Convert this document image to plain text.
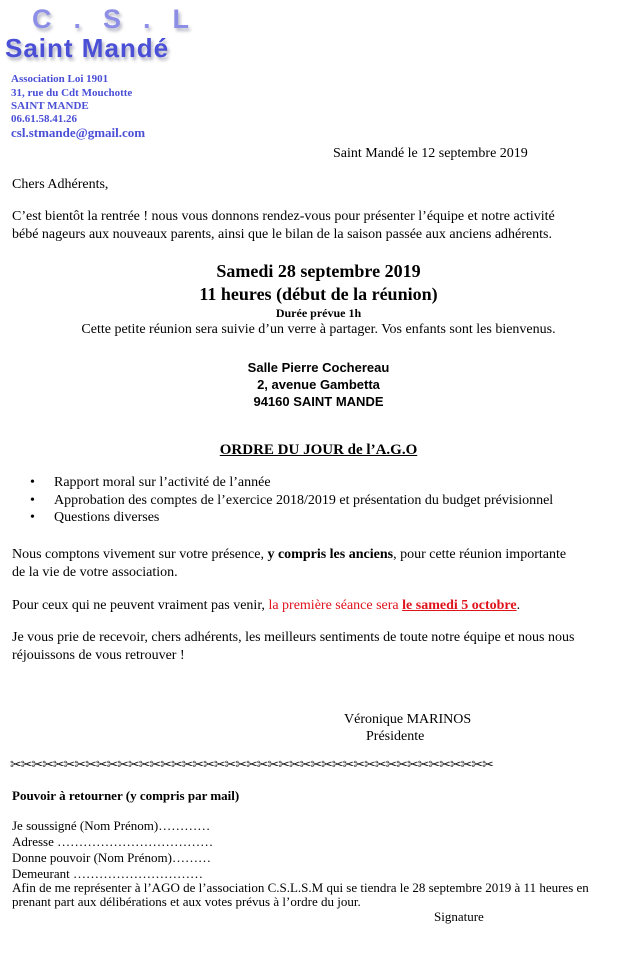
C.S.L
Saint Mandé
Association Loi 1901
31, rue du Cdt Mouchotte
SAINT MANDE
06.61.58.41.26
csl.stmande@gmail.com
Saint Mandé le 12 septembre 2019
Chers Adhérents,
C’est bientôt la rentrée ! nous vous donnons rendez-vous pour présenter l’équipe et notre activité
bébé nageurs aux nouveaux parents, ainsi que le bilan de la saison passée aux anciens adhérents.
Samedi 28 septembre 2019
11 heures (début de la réunion)
Durée prévue 1h
Cette petite réunion sera suivie d’un verre à partager. Vos enfants sont les bienvenus.
Salle Pierre Cochereau
2, avenue Gambetta
94160 SAINT MANDE
ORDRE DU JOUR de l’A.G.O
• Rapport moral sur l’activité de l’année
• Approbation des comptes de l’exercice 2018/2019 et présentation du budget prévisionnel
• Questions diverses
Nous comptons vivement sur votre présence, y compris les anciens, pour cette réunion importante
de la vie de votre association.
Pour ceux qui ne peuvent vraiment pas venir, la première séance sera le samedi 5 octobre.
Je vous prie de recevoir, chers adhérents, les meilleurs sentiments de toute notre équipe et nous nous
réjouissons de vous retrouver !
Véronique MARINOS
Présidente
✂✂✂✂✂✂✂✂✂✂✂✂✂✂✂✂✂✂✂✂✂✂✂✂✂✂✂✂✂✂✂✂✂✂✂✂✂✂✂✂✂✂✂✂✂
Pouvoir à retourner (y compris par mail)
Je soussigné (Nom Prénom)…………
Adresse ………………………………
Donne pouvoir (Nom Prénom)………
Demeurant …………………………
Afin de me représenter à l’AGO de l’association C.S.L.S.M qui se tiendra le 28 septembre 2019 à 11 heures en
prenant part aux délibérations et aux votes prévus à l’ordre du jour.
Signature
